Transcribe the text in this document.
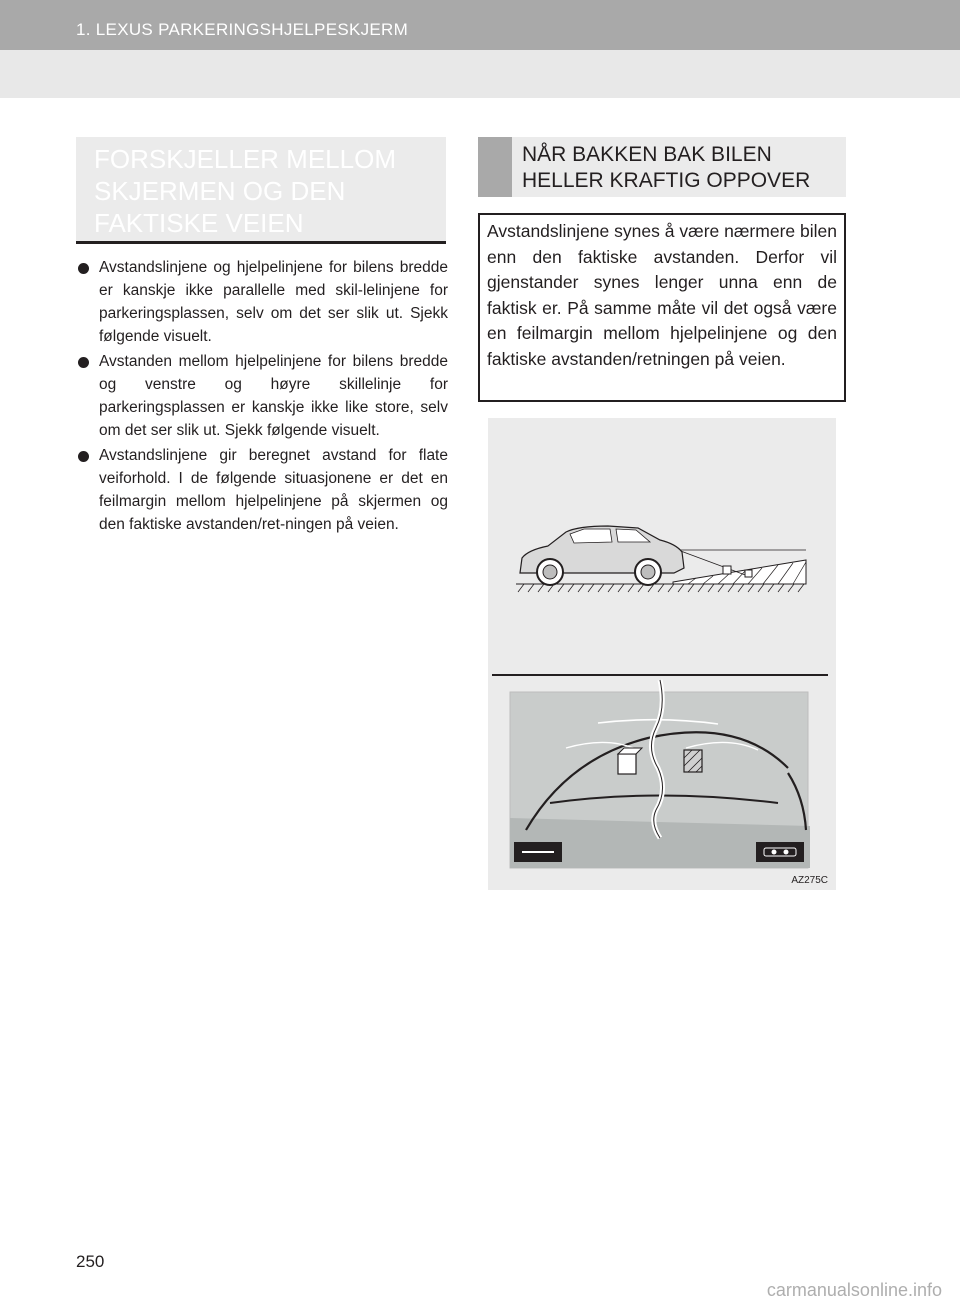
1. LEXUS PARKERINGSHJELPESKJERM
FORSKJELLER MELLOM SKJERMEN OG DEN FAKTISKE VEIEN
Avstandslinjene og hjelpelinjene for bilens bredde er kanskje ikke parallelle med skil-lelinjene for parkeringsplassen, selv om det ser slik ut. Sjekk følgende visuelt.
Avstanden mellom hjelpelinjene for bilens bredde og venstre og høyre skillelinje for parkeringsplassen er kanskje ikke like store, selv om det ser slik ut. Sjekk følgende visuelt.
Avstandslinjene gir beregnet avstand for flate veiforhold. I de følgende situasjonene er det en feilmargin mellom hjelpelinjene på skjermen og den faktiske avstanden/ret-ningen på veien.
NÅR BAKKEN BAK BILEN HELLER KRAFTIG OPPOVER
Avstandslinjene synes å være nærmere bilen enn den faktiske avstanden. Derfor vil gjenstander synes lenger unna enn de faktisk er. På samme måte vil det også være en feilmargin mellom hjelpelinjene og den faktiske avstanden/retningen på veien.
AZ275C
250
carmanualsonline.info
